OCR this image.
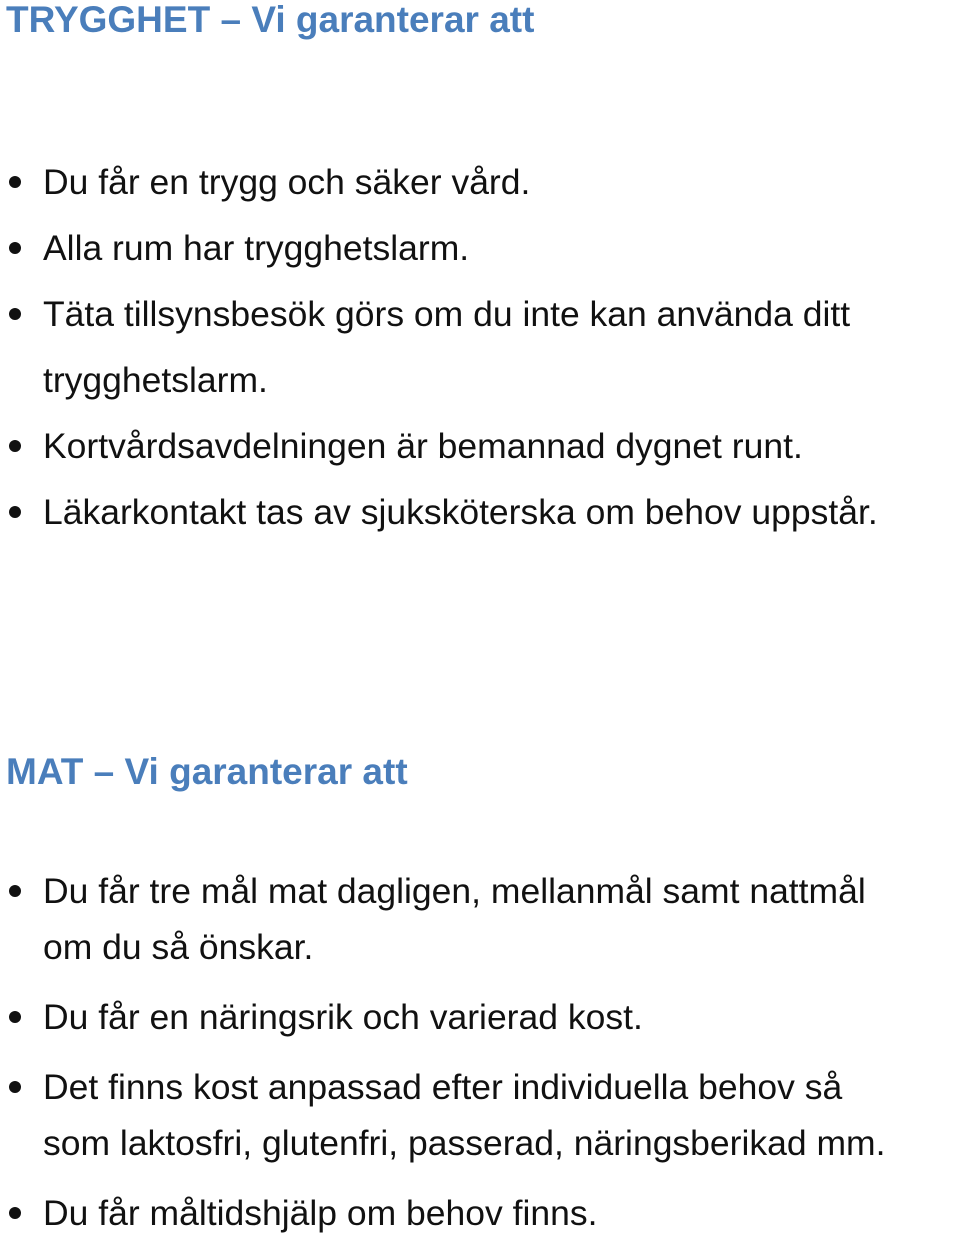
TRYGGHET – Vi garanterar att
Du får en trygg och säker vård.
Alla rum har trygghetslarm.
Täta tillsynsbesök görs om du inte kan använda ditt
trygghetslarm.
Kortvårdsavdelningen är bemannad dygnet runt.
Läkarkontakt tas av sjuksköterska om behov uppstår.
MAT – Vi garanterar att
Du får tre mål mat dagligen, mellanmål samt nattmål
om du så önskar.
Du får en näringsrik och varierad kost.
Det finns kost anpassad efter individuella behov så
som laktosfri, glutenfri, passerad, näringsberikad mm.
Du får måltidshjälp om behov finns.
